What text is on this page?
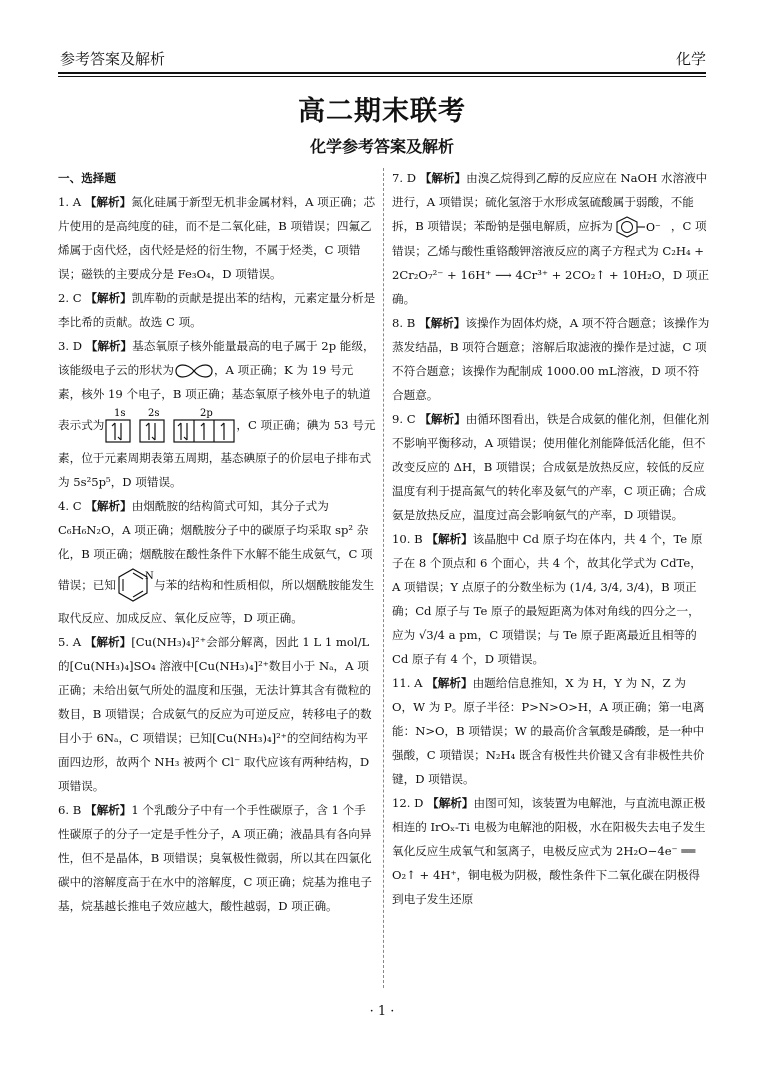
参考答案及解析	化学
高二期末联考
化学参考答案及解析

一、选择题

1. A 【解析】氮化硅属于新型无机非金属材料，A 项正确；芯片使用的是高纯度的硅，而不是二氧化硅，B 项错误；四氟乙烯属于卤代烃，卤代烃是烃的衍生物，不属于烃类，C 项错误；磁铁的主要成分是 Fe₃O₄，D 项错误。

2. C 【解析】凯库勒的贡献是提出苯的结构，元素定量分析是李比希的贡献。故选 C 项。

3. D 【解析】基态氧原子核外能量最高的电子属于 2p 能级，该能级电子云的形状为	，A 项正确；K 为 19 号元素，核外 19 个电子，B 项正确；基态氧原子核外电子的轨道表示式为
1s 2s	2p
，C 项正确；碘为 53 号元素，位于元素周期表第五周期，基态碘原子的价层电子排布式为 5s²5p⁵，D 项错误。

4. C 【解析】由烟酰胺的结构简式可知，其分子式为 C₆H₆N₂O，A 项正确；烟酰胺分子中的碳原子均采取 sp² 杂化，B 项正确；烟酰胺在酸性条件下水解不能生成氨气，C 项错误；已知
N
与苯的结构和性质相似，所以烟酰胺能发生取代反应、加成反应、氧化反应等，D 项正确。

5. A 【解析】[Cu(NH₃)₄]²⁺会部分解离，因此 1 L 1 mol/L 的[Cu(NH₃)₄]SO₄ 溶液中[Cu(NH₃)₄]²⁺数目小于 Nₐ，A 项正确；未给出氨气所处的温度和压强，无法计算其含有微粒的数目，B 项错误；合成氨气的反应为可逆反应，转移电子的数目小于 6Nₐ，C 项错误；已知[Cu(NH₃)₄]²⁺的空间结构为平面四边形，故两个 NH₃ 被两个 Cl⁻ 取代应该有两种结构，D 项错误。

6. B 【解析】1 个乳酸分子中有一个手性碳原子，含 1 个手性碳原子的分子一定是手性分子，A 项正确；液晶具有各向异性，但不是晶体，B 项错误；臭氧极性微弱，所以其在四氯化碳中的溶解度高于在水中的溶解度，C 项正确；烷基为推电子基，烷基越长推电子效应越大，酸性越弱，D 项正确。

7. D 【解析】由溴乙烷得到乙醇的反应应在 NaOH 水溶液中进行，A 项错误；硫化氢溶于水形成氢硫酸属于弱酸，不能拆，B 项错误；苯酚钠是强电解质，应拆为	O⁻ ，C 项错误；乙烯与酸性重铬酸钾溶液反应的离子方程式为 C₂H₄ + 2Cr₂O₇²⁻ + 16H⁺ ⟶ 4Cr³⁺ + 2CO₂↑ + 10H₂O，D 项正确。

8. B 【解析】该操作为固体灼烧，A 项不符合题意；该操作为蒸发结晶，B 项符合题意；溶解后取滤液的操作是过滤，C 项不符合题意；该操作为配制成 1000.00 mL溶液，D 项不符合题意。

9. C 【解析】由循环图看出，铁是合成氨的催化剂，但催化剂不影响平衡移动，A 项错误；使用催化剂能降低活化能，但不改变反应的 ΔH，B 项错误；合成氨是放热反应，较低的反应温度有利于提高氮气的转化率及氨气的产率，C 项正确；合成氨是放热反应，温度过高会影响氨气的产率，D 项错误。

10. B 【解析】该晶胞中 Cd 原子均在体内，共 4 个，Te 原子在 8 个顶点和 6 个面心，共 4 个，故其化学式为 CdTe，A 项错误；Y 点原子的分数坐标为 (1/4, 3/4, 3/4)，B 项正确；Cd 原子与 Te 原子的最短距离为体对角线的四分之一，应为 √3/4 a pm，C 项错误；与 Te 原子距离最近且相等的 Cd 原子有 4 个，D 项错误。

11. A 【解析】由题给信息推知，X 为 H，Y 为 N，Z 为 O，W 为 P。原子半径：P>N>O>H，A 项正确；第一电离能：N>O，B 项错误；W 的最高价含氧酸是磷酸，是一种中强酸，C 项错误；N₂H₄ 既含有极性共价键又含有非极性共价键，D 项错误。

12. D 【解析】由图可知，该装置为电解池，与直流电源正极相连的 IrOₓ-Ti 电极为电解池的阳极，水在阳极失去电子发生氧化反应生成氧气和氢离子，电极反应式为 2H₂O−4e⁻ ══ O₂↑ + 4H⁺，铜电极为阴极，酸性条件下二氧化碳在阴极得到电子发生还原

· 1 ·
